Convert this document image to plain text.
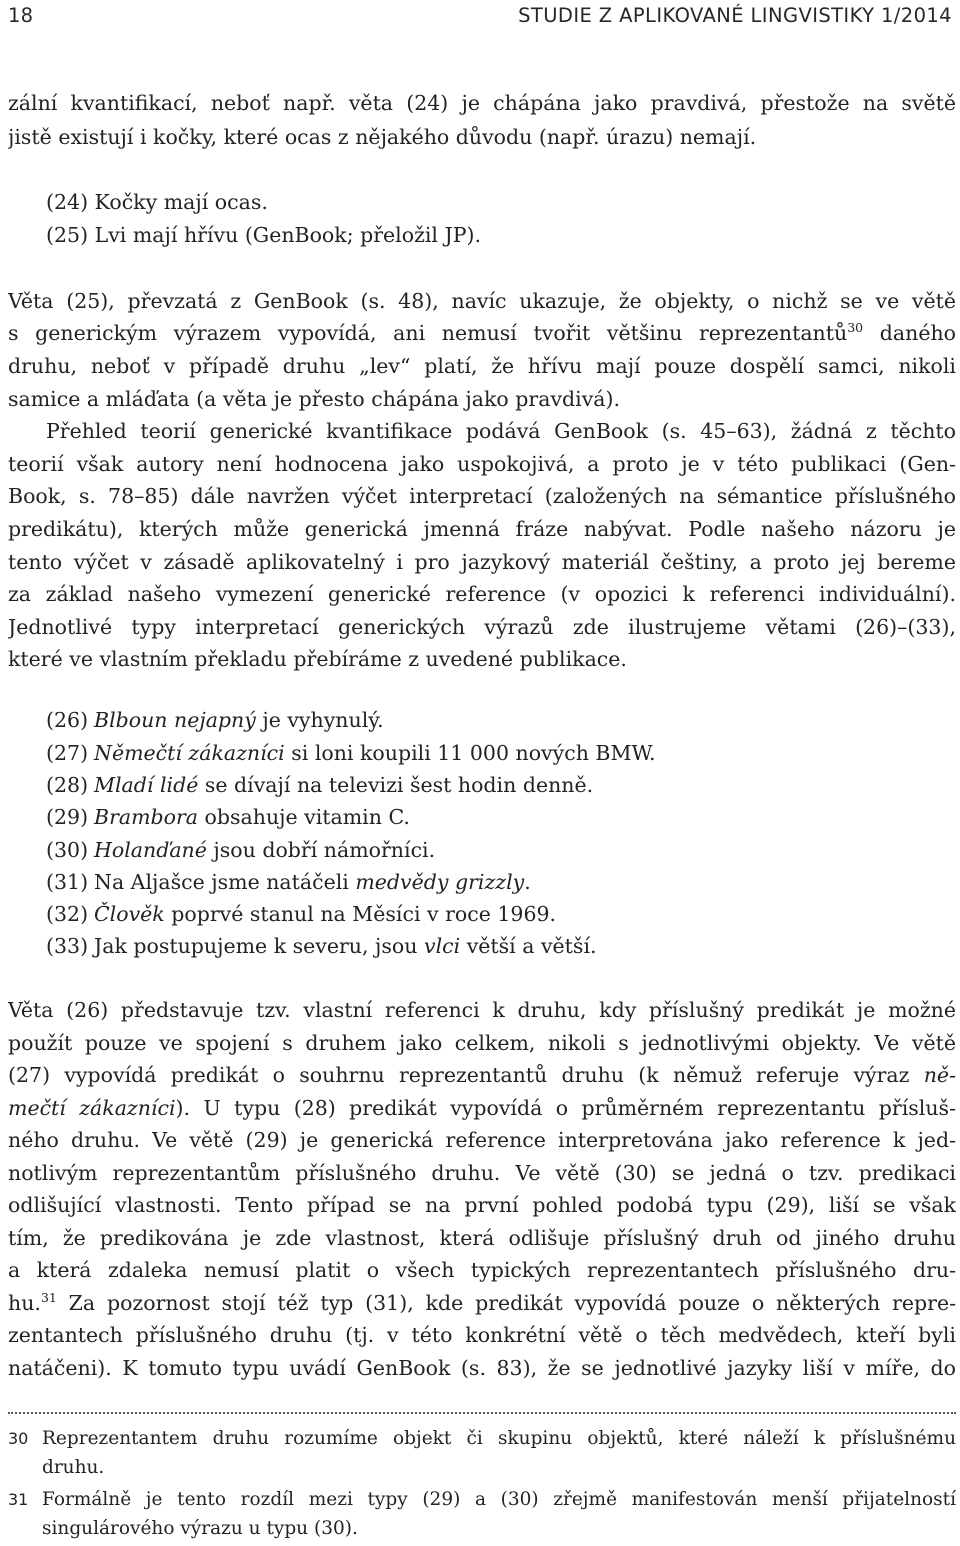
18	STUDIE Z APLIKOVANÉ LINGVISTIKY 1/2014
zální kvantifikací, neboť např. věta (24) je chápána jako pravdivá, přestože na světě
jistě existují i kočky, které ocas z nějakého důvodu (např. úrazu) nemají.
(24) Kočky mají ocas.
(25) Lvi mají hřívu (GenBook; přeložil JP).
Věta (25), převzatá z GenBook (s. 48), navíc ukazuje, že objekty, o nichž se ve větě
s generickým výrazem vypovídá, ani nemusí tvořit většinu reprezentantů$^{30}$ daného
druhu, neboť v případě druhu „lev“ platí, že hřívu mají pouze dospělí samci, nikoli
samice a mláďata (a věta je přesto chápána jako pravdivá).
Přehled teorií generické kvantifikace podává GenBook (s. 45–63), žádná z těchto
teorií však autory není hodnocena jako uspokojivá, a proto je v této publikaci (Gen-
Book, s. 78–85) dále navržen výčet interpretací (založených na sémantice příslušného
predikátu), kterých může generická jmenná fráze nabývat. Podle našeho názoru je
tento výčet v zásadě aplikovatelný i pro jazykový materiál češtiny, a proto jej bereme
za základ našeho vymezení generické reference (v opozici k referenci individuální).
Jednotlivé typy interpretací generických výrazů zde ilustrujeme větami (26)–(33),
které ve vlastním překladu přebíráme z uvedené publikace.
(26) Blboun nejapný je vyhynulý.
(27) Němečtí zákazníci si loni koupili 11 000 nových BMW.
(28) Mladí lidé se dívají na televizi šest hodin denně.
(29) Brambora obsahuje vitamin C.
(30) Holanďané jsou dobří námořníci.
(31) Na Aljašce jsme natáčeli medvědy grizzly.
(32) Člověk poprvé stanul na Měsíci v roce 1969.
(33) Jak postupujeme k severu, jsou vlci větší a větší.
Věta (26) představuje tzv. vlastní referenci k druhu, kdy příslušný predikát je možné
použít pouze ve spojení s druhem jako celkem, nikoli s jednotlivými objekty. Ve větě
(27) vypovídá predikát o souhrnu reprezentantů druhu (k němuž referuje výraz ně-
mečtí zákazníci). U typu (28) predikát vypovídá o průměrném reprezentantu přísluš-
ného druhu. Ve větě (29) je generická reference interpretována jako reference k jed-
notlivým reprezentantům příslušného druhu. Ve větě (30) se jedná o tzv. predikaci
odlišující vlastnosti. Tento případ se na první pohled podobá typu (29), liší se však
tím, že predikována je zde vlastnost, která odlišuje příslušný druh od jiného druhu
a která zdaleka nemusí platit o všech typických reprezentantech příslušného dru-
hu.$^{31}$ Za pozornost stojí též typ (31), kde predikát vypovídá pouze o některých repre-
zentantech příslušného druhu (tj. v této konkrétní větě o těch medvědech, kteří byli
natáčeni). K tomuto typu uvádí GenBook (s. 83), že se jednotlivé jazyky liší v míře, do
30 Reprezentantem druhu rozumíme objekt či skupinu objektů, které náleží k příslušnému
druhu.
31 Formálně je tento rozdíl mezi typy (29) a (30) zřejmě manifestován menší přijatelností
singulárového výrazu u typu (30).
